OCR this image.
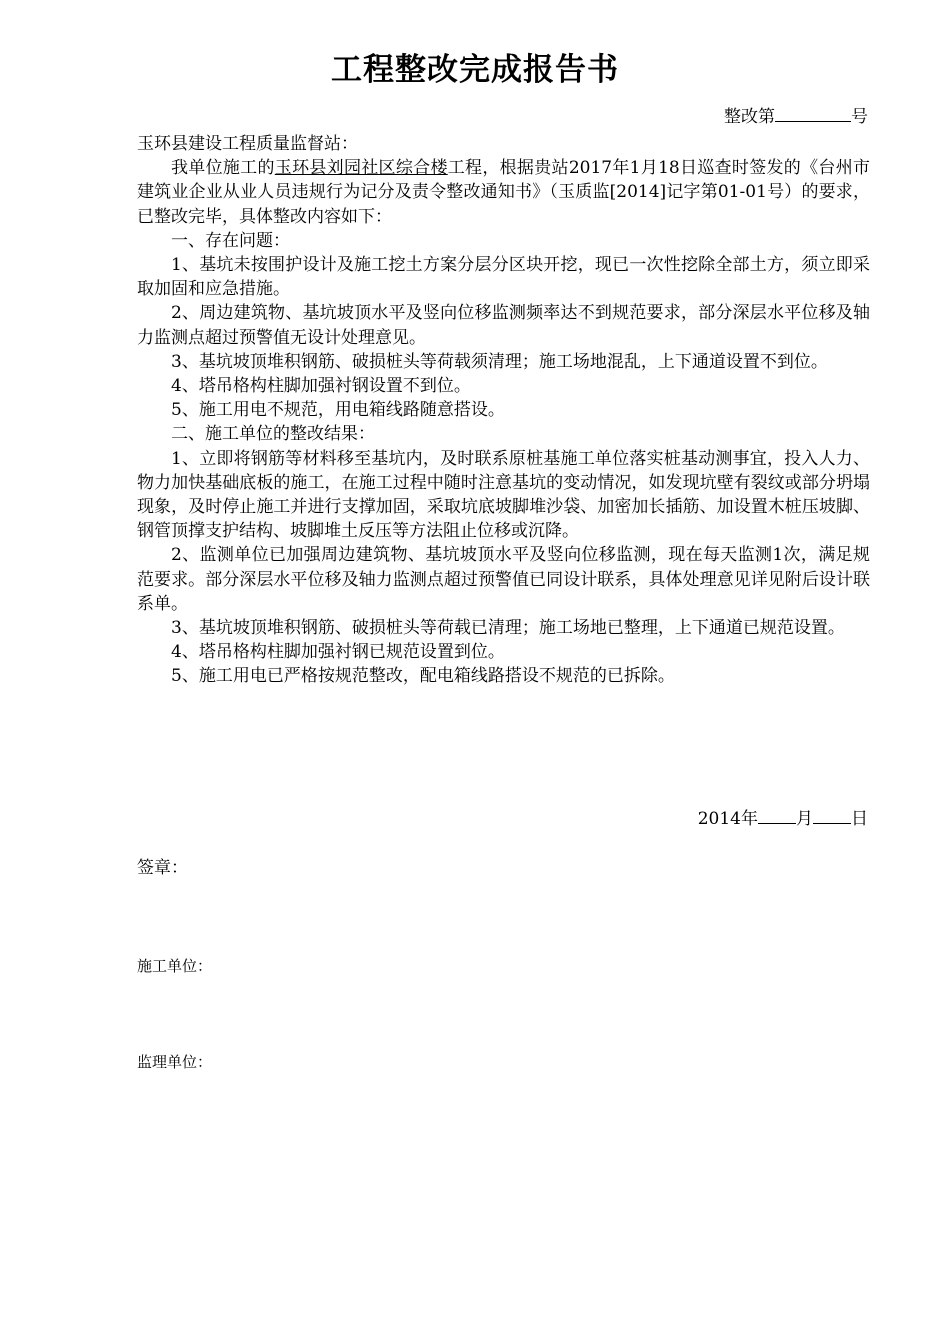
工程整改完成报告书
整改第	号

玉环县建设工程质量监督站：

我单位施工的玉环县刘园社区综合楼工程，根据贵站2017年1月18日巡查时签发的《台州市建筑业企业从业人员违规行为记分及责令整改通知书》（玉质监[2014]记字第01-01号）的要求，已整改完毕，具体整改内容如下：

一、存在问题：

1、基坑未按围护设计及施工挖土方案分层分区块开挖，现已一次性挖除全部土方，须立即采取加固和应急措施。

2、周边建筑物、基坑坡顶水平及竖向位移监测频率达不到规范要求，部分深层水平位移及轴力监测点超过预警值无设计处理意见。

3、基坑坡顶堆积钢筋、破损桩头等荷载须清理；施工场地混乱，上下通道设置不到位。

4、塔吊格构柱脚加强衬钢设置不到位。

5、施工用电不规范，用电箱线路随意搭设。

二、施工单位的整改结果：

1、立即将钢筋等材料移至基坑内，及时联系原桩基施工单位落实桩基动测事宜，投入人力、物力加快基础底板的施工，在施工过程中随时注意基坑的变动情况，如发现坑壁有裂纹或部分坍塌现象，及时停止施工并进行支撑加固，采取坑底坡脚堆沙袋、加密加长插筋、加设置木桩压坡脚、钢管顶撑支护结构、坡脚堆土反压等方法阻止位移或沉降。

2、监测单位已加强周边建筑物、基坑坡顶水平及竖向位移监测，现在每天监测1次，满足规范要求。部分深层水平位移及轴力监测点超过预警值已同设计联系，具体处理意见详见附后设计联系单。

3、基坑坡顶堆积钢筋、破损桩头等荷载已清理；施工场地已整理，上下通道已规范设置。

4、塔吊格构柱脚加强衬钢已规范设置到位。

5、施工用电已严格按规范整改，配电箱线路搭设不规范的已拆除。

2014年 月 日
签章：
施工单位：
监理单位：
